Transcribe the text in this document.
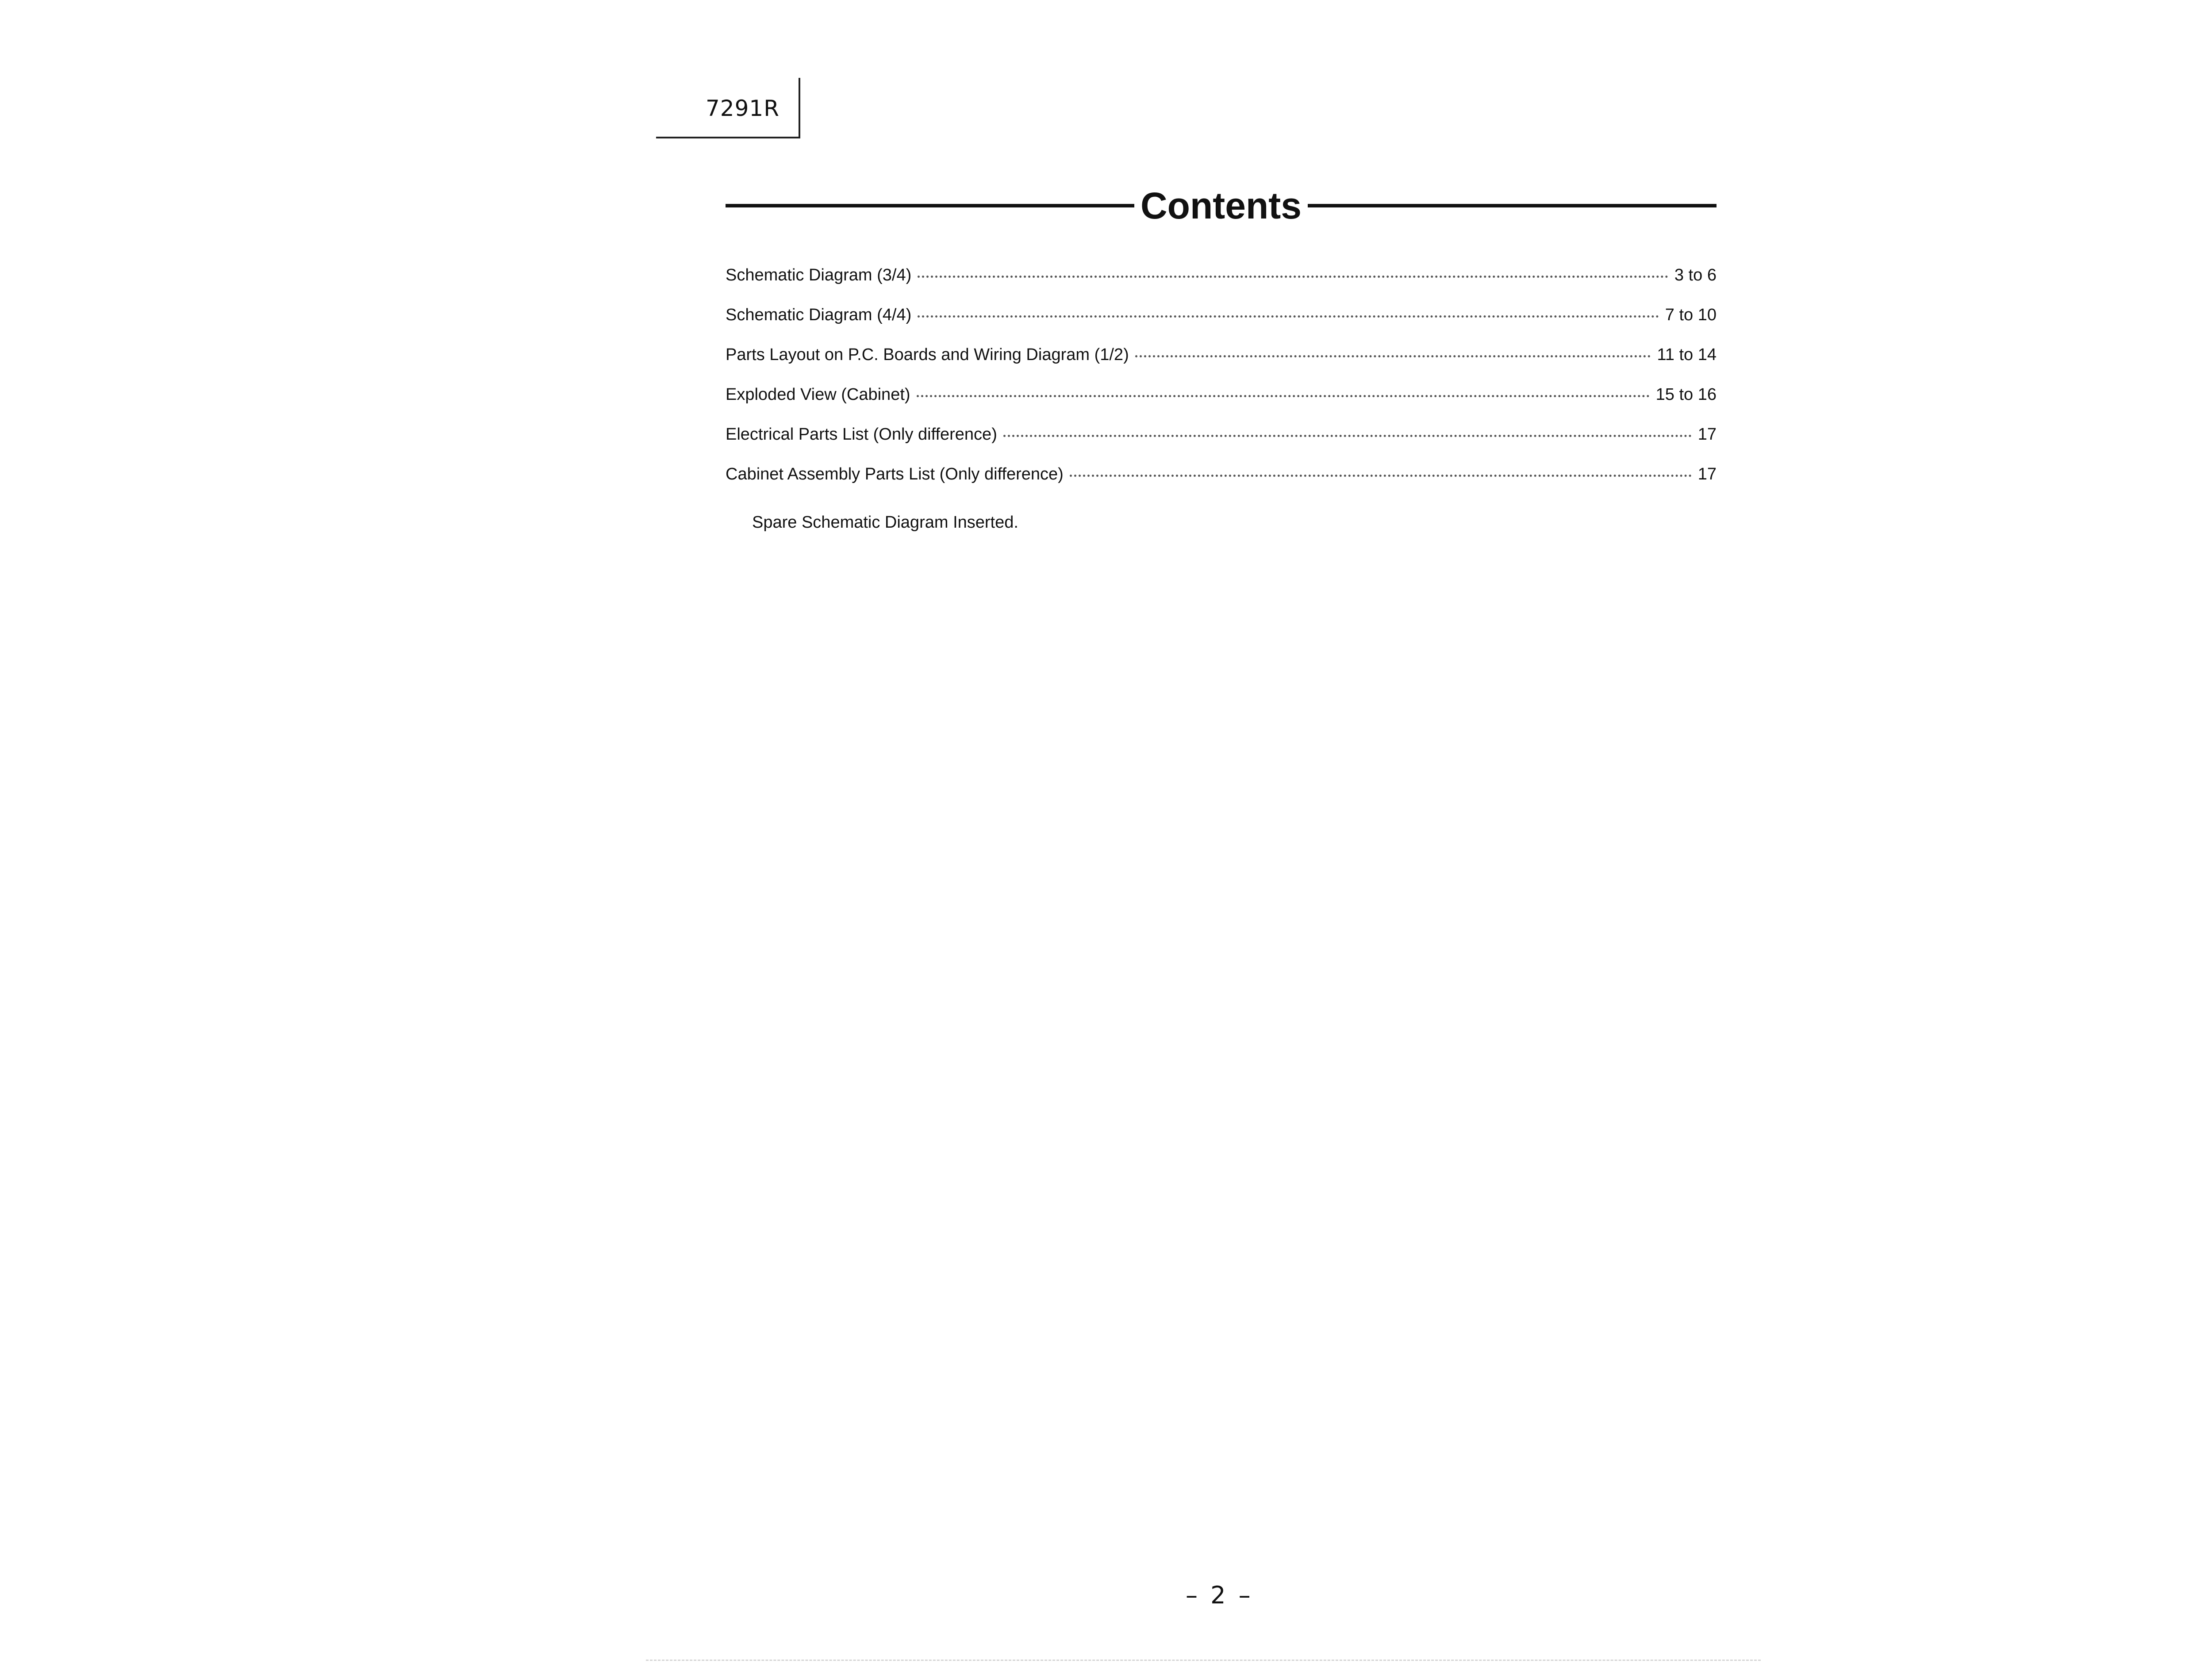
7291R
Contents
Schematic Diagram (3/4)	3 to 6
Schematic Diagram (4/4)	7 to 10
Parts Layout on P.C. Boards and Wiring Diagram (1/2)	11 to 14
Exploded View (Cabinet)	15 to 16
Electrical Parts List (Only difference)	17
Cabinet Assembly Parts List (Only difference)	17
Spare Schematic Diagram Inserted.
– 2 –
